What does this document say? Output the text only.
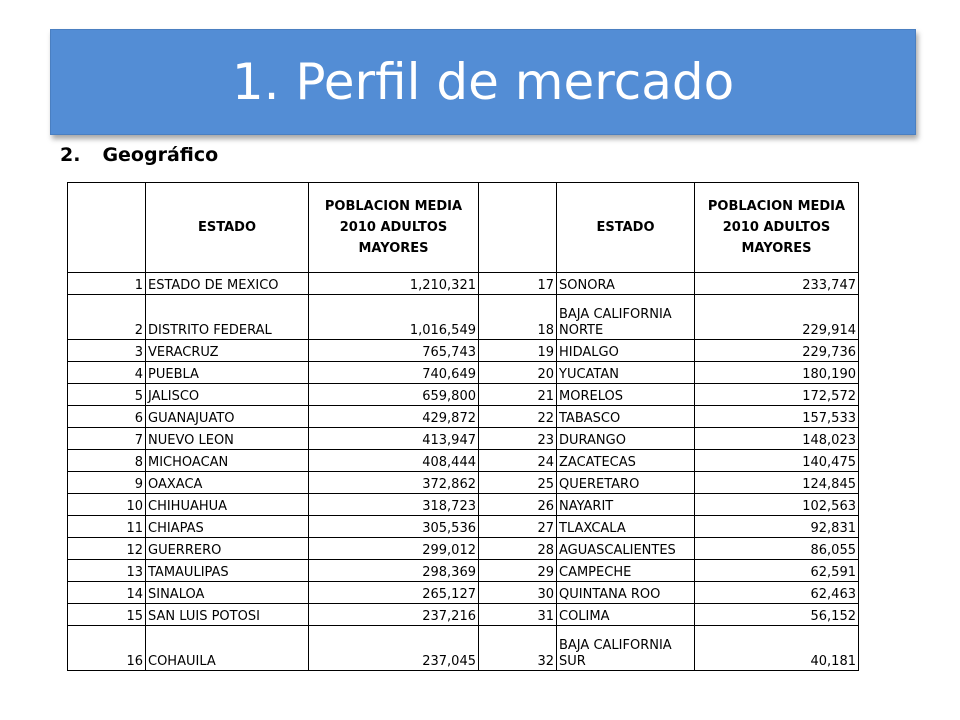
1. Perfil de mercado
2. Geográfico
	ESTADO	POBLACION MEDIA 2010 ADULTOS MAYORES		ESTADO	POBLACION MEDIA 2010 ADULTOS MAYORES
1	ESTADO DE MEXICO	1,210,321	17	SONORA	233,747
2	DISTRITO FEDERAL	1,016,549	18	BAJA CALIFORNIA NORTE	229,914
3	VERACRUZ	765,743	19	HIDALGO	229,736
4	PUEBLA	740,649	20	YUCATAN	180,190
5	JALISCO	659,800	21	MORELOS	172,572
6	GUANAJUATO	429,872	22	TABASCO	157,533
7	NUEVO LEON	413,947	23	DURANGO	148,023
8	MICHOACAN	408,444	24	ZACATECAS	140,475
9	OAXACA	372,862	25	QUERETARO	124,845
10	CHIHUAHUA	318,723	26	NAYARIT	102,563
11	CHIAPAS	305,536	27	TLAXCALA	92,831
12	GUERRERO	299,012	28	AGUASCALIENTES	86,055
13	TAMAULIPAS	298,369	29	CAMPECHE	62,591
14	SINALOA	265,127	30	QUINTANA ROO	62,463
15	SAN LUIS POTOSI	237,216	31	COLIMA	56,152
16	COHAUILA	237,045	32	BAJA CALIFORNIA SUR	40,181
